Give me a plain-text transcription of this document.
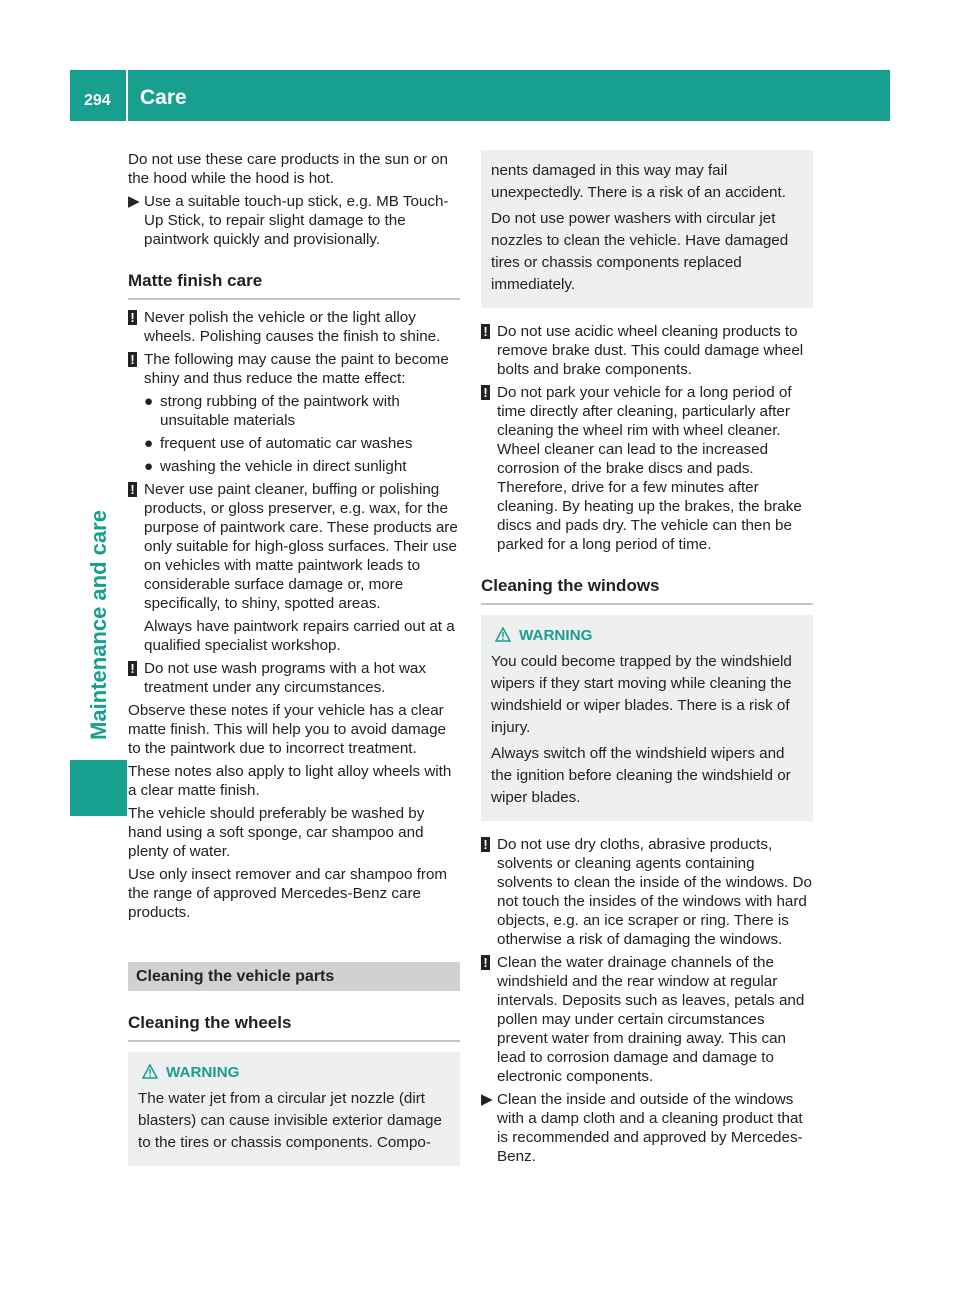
294 Care
Maintenance and care

Do not use these care products in the sun or on the hood while the hood is hot.

▶ Use a suitable touch-up stick, e.g. MB Touch-Up Stick, to repair slight damage to the paintwork quickly and provisionally.
Matte finish care
! Never polish the vehicle or the light alloy wheels. Polishing causes the finish to shine.
! The following may cause the paint to become shiny and thus reduce the matte effect:
● strong rubbing of the paintwork with unsuitable materials
● frequent use of automatic car washes
● washing the vehicle in direct sunlight
! Never use paint cleaner, buffing or polishing products, or gloss preserver, e.g. wax, for the purpose of paintwork care. These products are only suitable for high-gloss surfaces. Their use on vehicles with matte paintwork leads to considerable surface damage or, more specifically, to shiny, spotted areas.

Always have paintwork repairs carried out at a qualified specialist workshop.

! Do not use wash programs with a hot wax treatment under any circumstances.

Observe these notes if your vehicle has a clear matte finish. This will help you to avoid damage to the paintwork due to incorrect treatment.

These notes also apply to light alloy wheels with a clear matte finish.

The vehicle should preferably be washed by hand using a soft sponge, car shampoo and plenty of water.

Use only insect remover and car shampoo from the range of approved Mercedes-Benz care products.

Cleaning the vehicle parts
Cleaning the wheels
WARNING

The water jet from a circular jet nozzle (dirt blasters) can cause invisible exterior damage to the tires or chassis components. Compo-

nents damaged in this way may fail unexpectedly. There is a risk of an accident.

Do not use power washers with circular jet nozzles to clean the vehicle. Have damaged tires or chassis components replaced immediately.

! Do not use acidic wheel cleaning products to remove brake dust. This could damage wheel bolts and brake components.
! Do not park your vehicle for a long period of time directly after cleaning, particularly after cleaning the wheel rim with wheel cleaner. Wheel cleaner can lead to the increased corrosion of the brake discs and pads. Therefore, drive for a few minutes after cleaning. By heating up the brakes, the brake discs and pads dry. The vehicle can then be parked for a long period of time.
Cleaning the windows
WARNING

You could become trapped by the windshield wipers if they start moving while cleaning the windshield or wiper blades. There is a risk of injury.

Always switch off the windshield wipers and the ignition before cleaning the windshield or wiper blades.

! Do not use dry cloths, abrasive products, solvents or cleaning agents containing solvents to clean the inside of the windows. Do not touch the insides of the windows with hard objects, e.g. an ice scraper or ring. There is otherwise a risk of damaging the windows.
! Clean the water drainage channels of the windshield and the rear window at regular intervals. Deposits such as leaves, petals and pollen may under certain circumstances prevent water from draining away. This can lead to corrosion damage and damage to electronic components.
▶ Clean the inside and outside of the windows with a damp cloth and a cleaning product that is recommended and approved by Mercedes-Benz.
